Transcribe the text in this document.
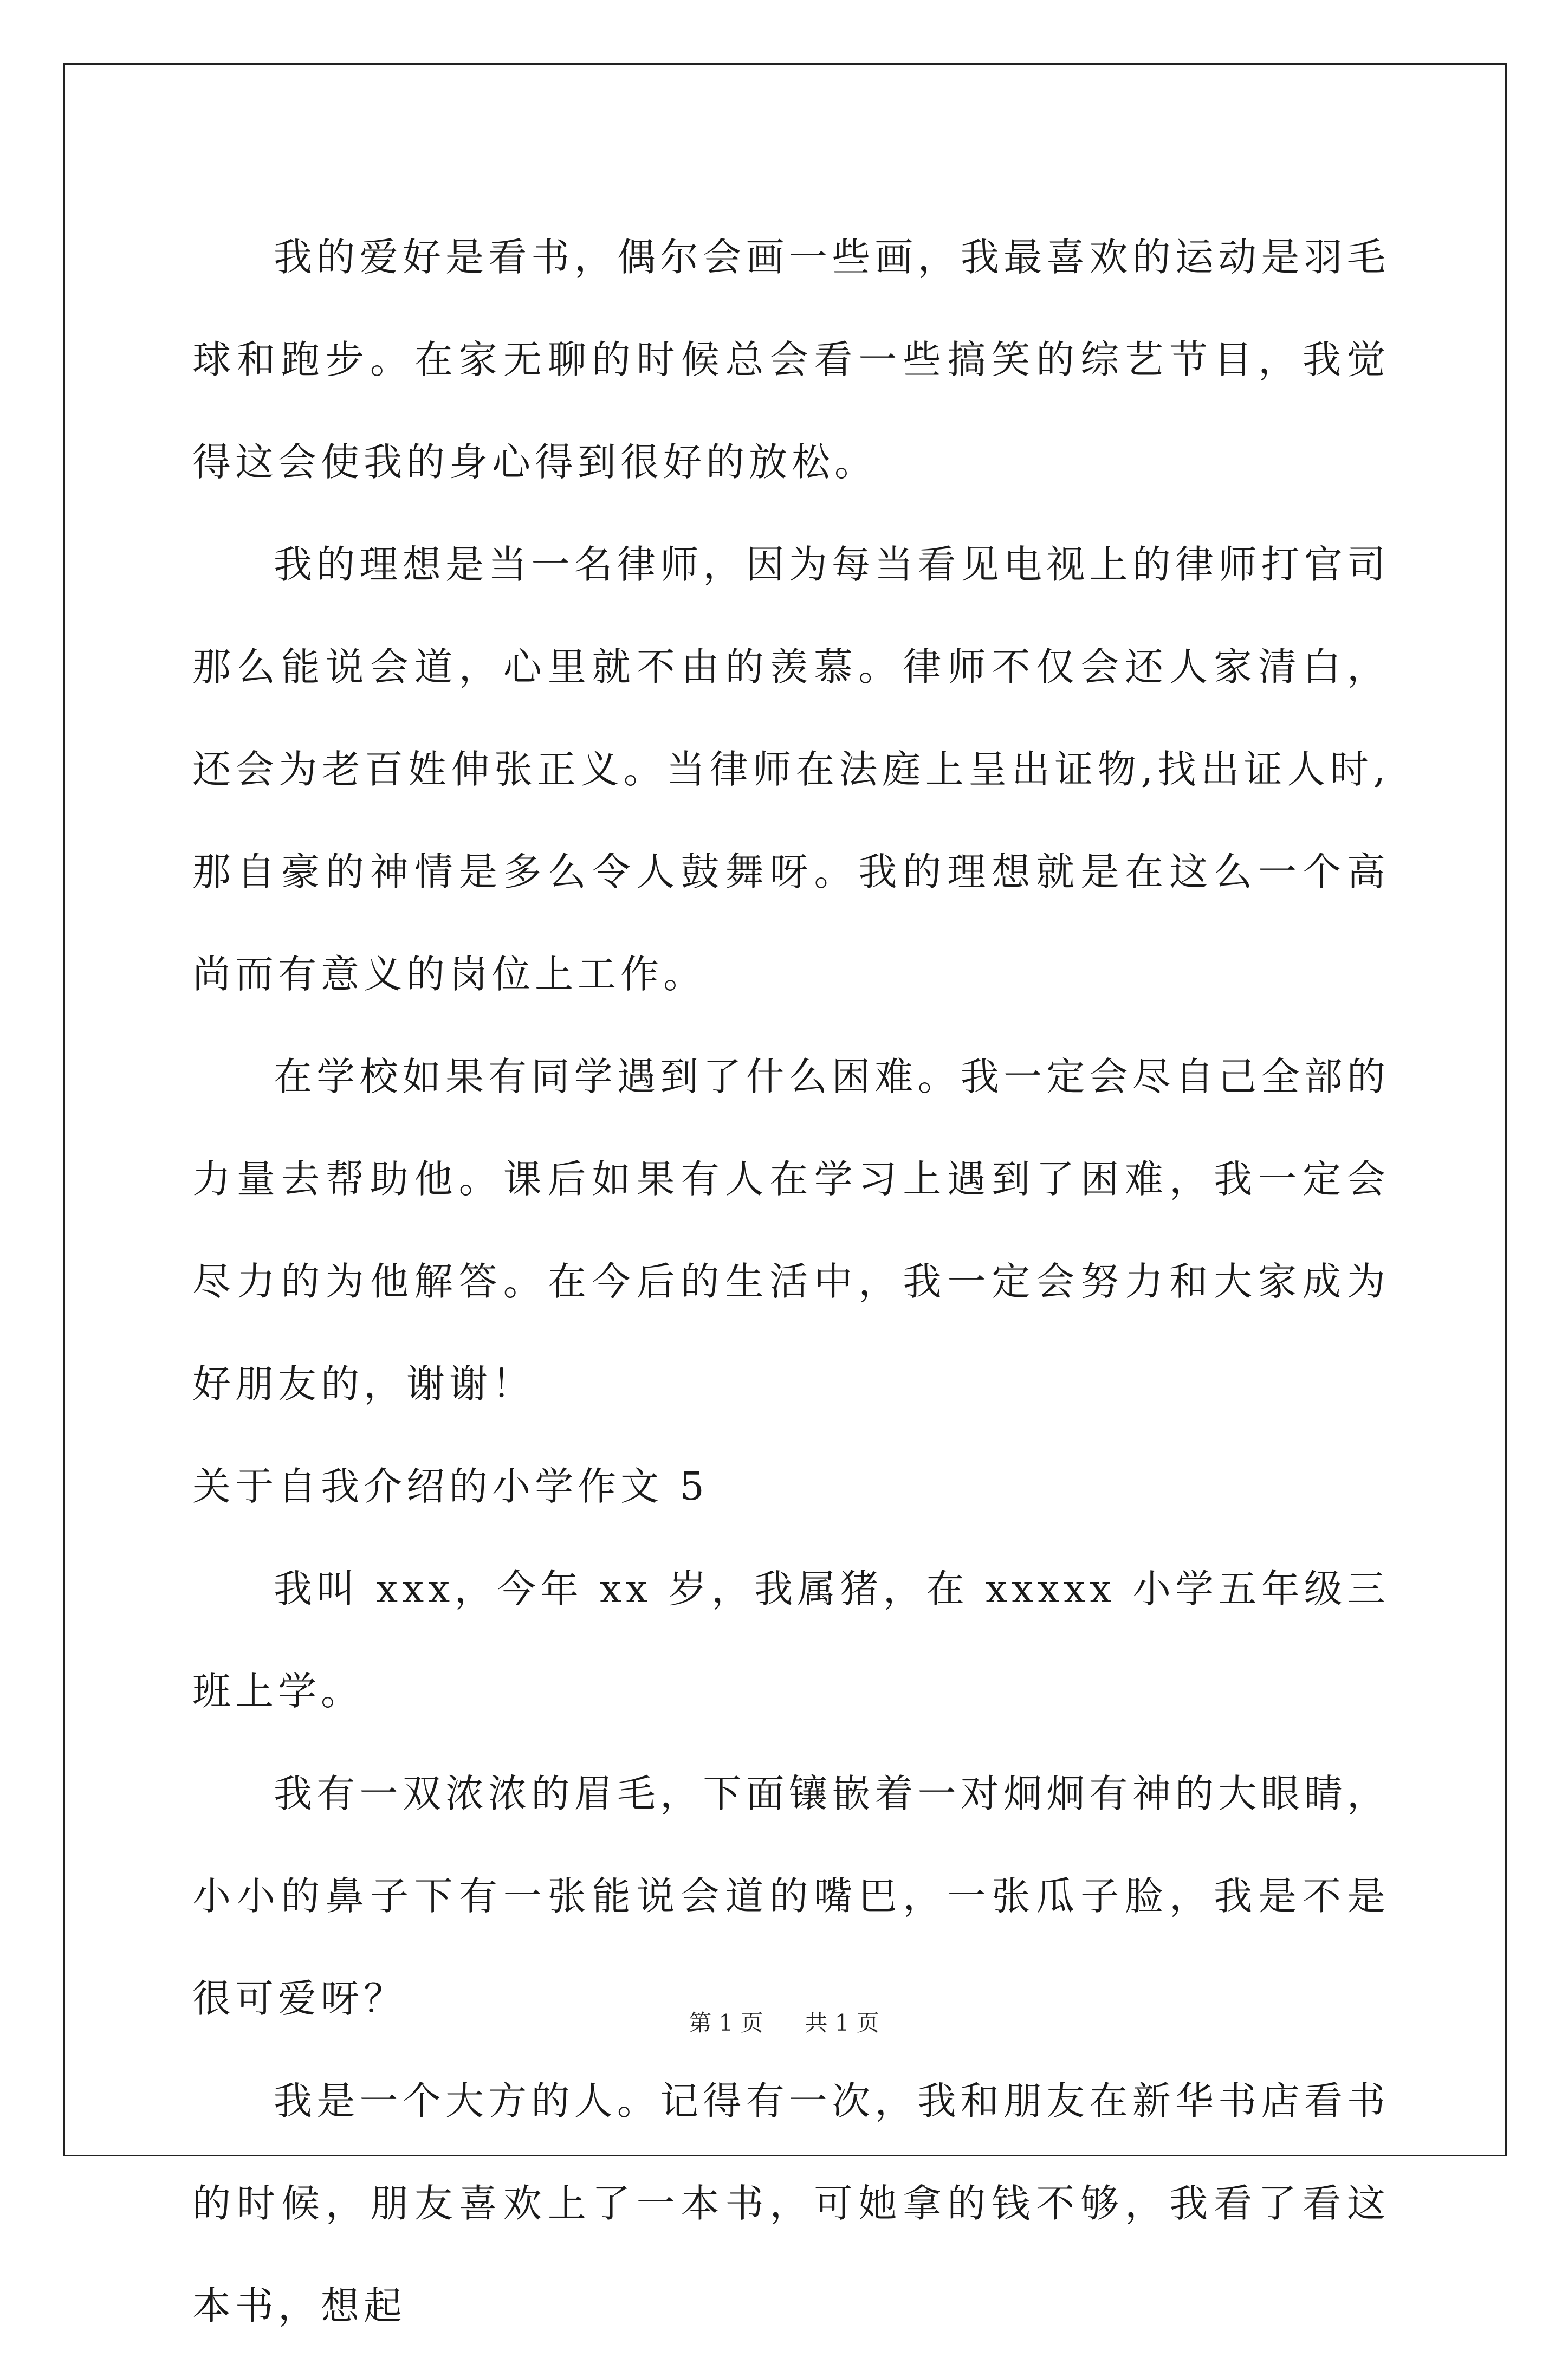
我的爱好是看书，偶尔会画一些画，我最喜欢的运动是羽毛球和跑步。在家无聊的时候总会看一些搞笑的综艺节目，我觉得这会使我的身心得到很好的放松。

我的理想是当一名律师，因为每当看见电视上的律师打官司那么能说会道，心里就不由的羡慕。律师不仅会还人家清白，还会为老百姓伸张正义。当律师在法庭上呈出证物,找出证人时,那自豪的神情是多么令人鼓舞呀。我的理想就是在这么一个高尚而有意义的岗位上工作。

在学校如果有同学遇到了什么困难。我一定会尽自己全部的力量去帮助他。课后如果有人在学习上遇到了困难，我一定会尽力的为他解答。在今后的生活中，我一定会努力和大家成为好朋友的，谢谢！

关于自我介绍的小学作文 5

我叫 xxx，今年 xx 岁，我属猪，在 xxxxx 小学五年级三班上学。

我有一双浓浓的眉毛，下面镶嵌着一对炯炯有神的大眼睛，小小的鼻子下有一张能说会道的嘴巴，一张瓜子脸，我是不是很可爱呀？

我是一个大方的人。记得有一次，我和朋友在新华书店看书的时候，朋友喜欢上了一本书，可她拿的钱不够，我看了看这本书，想起

第 1 页 共 1 页
